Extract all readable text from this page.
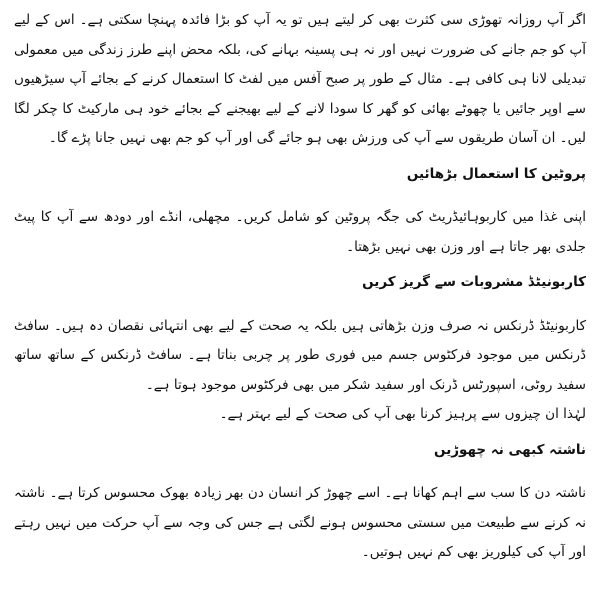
اگر آپ روزانہ تھوڑی سی کثرت بھی کر لیتے ہیں تو یہ آپ کو بڑا فائدہ پہنچا سکتی ہے۔ اس کے لیے آپ کو جم جانے کی ضرورت نہیں اور نہ ہی پسینہ بہانے کی، بلکہ محض اپنے طرز زندگی میں معمولی تبدیلی لانا ہی کافی ہے۔ مثال کے طور پر صبح آفس میں لفٹ کا استعمال کرنے کے بجائے آپ سیڑھیوں سے اوپر جائیں یا چھوٹے بھائی کو گھر کا سودا لانے کے لیے بھیجنے کے بجائے خود ہی مارکیٹ کا چکر لگا لیں۔ ان آسان طریقوں سے آپ کی ورزش بھی ہو جائے گی اور آپ کو جم بھی نہیں جانا پڑے گا۔

پروٹین کا استعمال بڑھائیں

اپنی غذا میں کاربوہائیڈریٹ کی جگہ پروٹین کو شامل کریں۔ مچھلی، انڈے اور دودھ سے آپ کا پیٹ جلدی بھر جاتا ہے اور وزن بھی نہیں بڑھتا۔

کاربونیٹڈ مشروبات سے گریز کریں

کاربونیٹڈ ڈرنکس نہ صرف وزن بڑھاتی ہیں بلکہ یہ صحت کے لیے بھی انتہائی نقصان دہ ہیں۔ سافٹ ڈرنکس میں موجود فرکٹوس جسم میں فوری طور پر چربی بناتا ہے۔ سافٹ ڈرنکس کے ساتھ ساتھ سفید روٹی، اسپورٹس ڈرنک اور سفید شکر میں بھی فرکٹوس موجود ہوتا ہے۔

لہٰذا ان چیزوں سے پرہیز کرنا بھی آپ کی صحت کے لیے بہتر ہے۔

ناشتہ کبھی نہ چھوڑیں

ناشتہ دن کا سب سے اہم کھانا ہے۔ اسے چھوڑ کر انسان دن بھر زیادہ بھوک محسوس کرتا ہے۔ ناشتہ نہ کرنے سے طبیعت میں سستی محسوس ہونے لگتی ہے جس کی وجہ سے آپ حرکت میں نہیں رہتے اور آپ کی کیلوریز بھی کم نہیں ہوتیں۔
